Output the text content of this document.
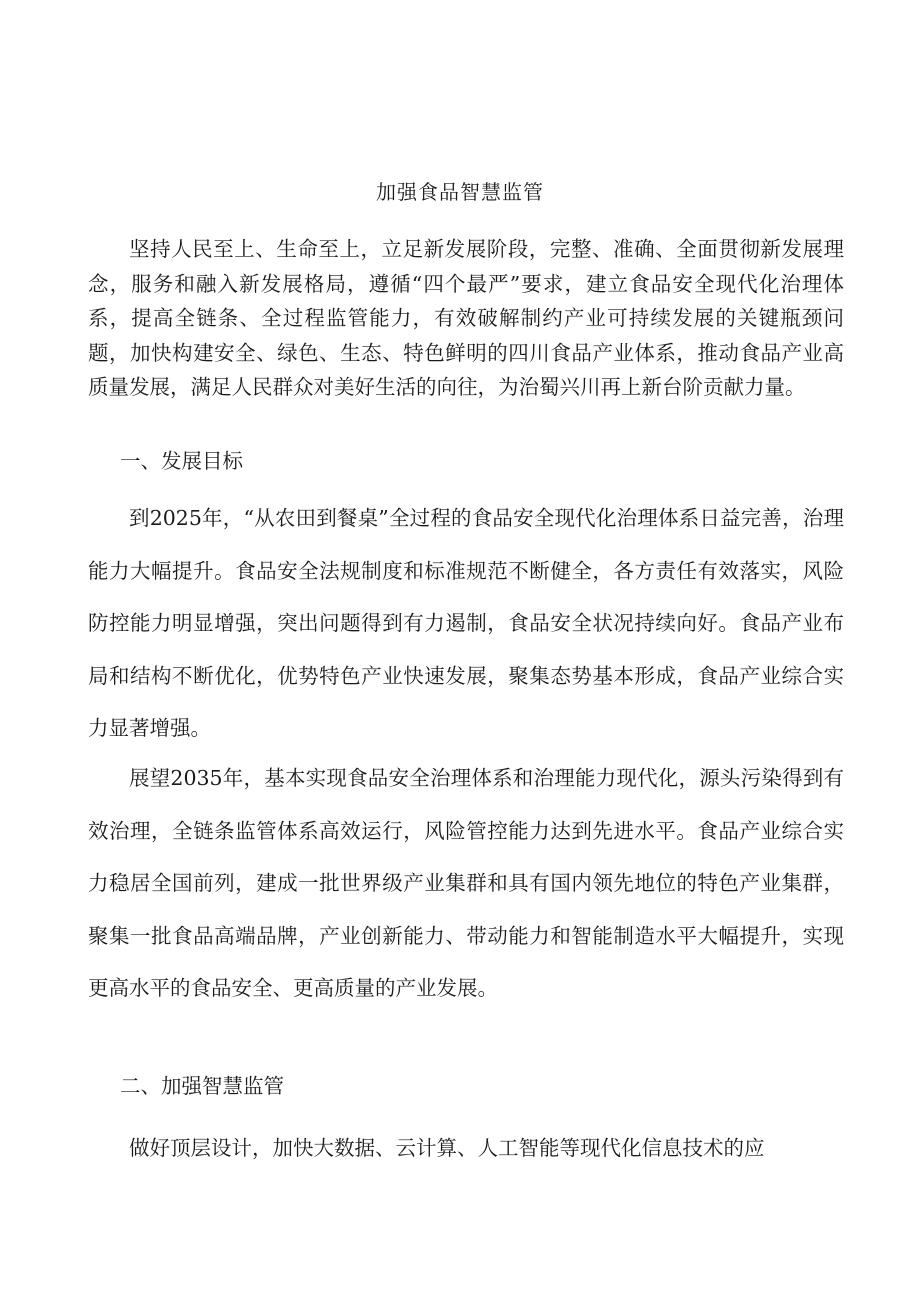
加强食品智慧监管

坚持人民至上、生命至上，立足新发展阶段，完整、准确、全面贯彻新发展理念，服务和融入新发展格局，遵循“四个最严”要求，建立食品安全现代化治理体系，提高全链条、全过程监管能力，有效破解制约产业可持续发展的关键瓶颈问题，加快构建安全、绿色、生态、特色鲜明的四川食品产业体系，推动食品产业高质量发展，满足人民群众对美好生活的向往，为治蜀兴川再上新台阶贡献力量。

一、发展目标

到2025年，“从农田到餐桌”全过程的食品安全现代化治理体系日益完善，治理能力大幅提升。食品安全法规制度和标准规范不断健全，各方责任有效落实，风险防控能力明显增强，突出问题得到有力遏制，食品安全状况持续向好。食品产业布局和结构不断优化，优势特色产业快速发展，聚集态势基本形成，食品产业综合实力显著增强。

展望2035年，基本实现食品安全治理体系和治理能力现代化，源头污染得到有效治理，全链条监管体系高效运行，风险管控能力达到先进水平。食品产业综合实力稳居全国前列，建成一批世界级产业集群和具有国内领先地位的特色产业集群，聚集一批食品高端品牌，产业创新能力、带动能力和智能制造水平大幅提升，实现更高水平的食品安全、更高质量的产业发展。

二、加强智慧监管

做好顶层设计，加快大数据、云计算、人工智能等现代化信息技术的应
